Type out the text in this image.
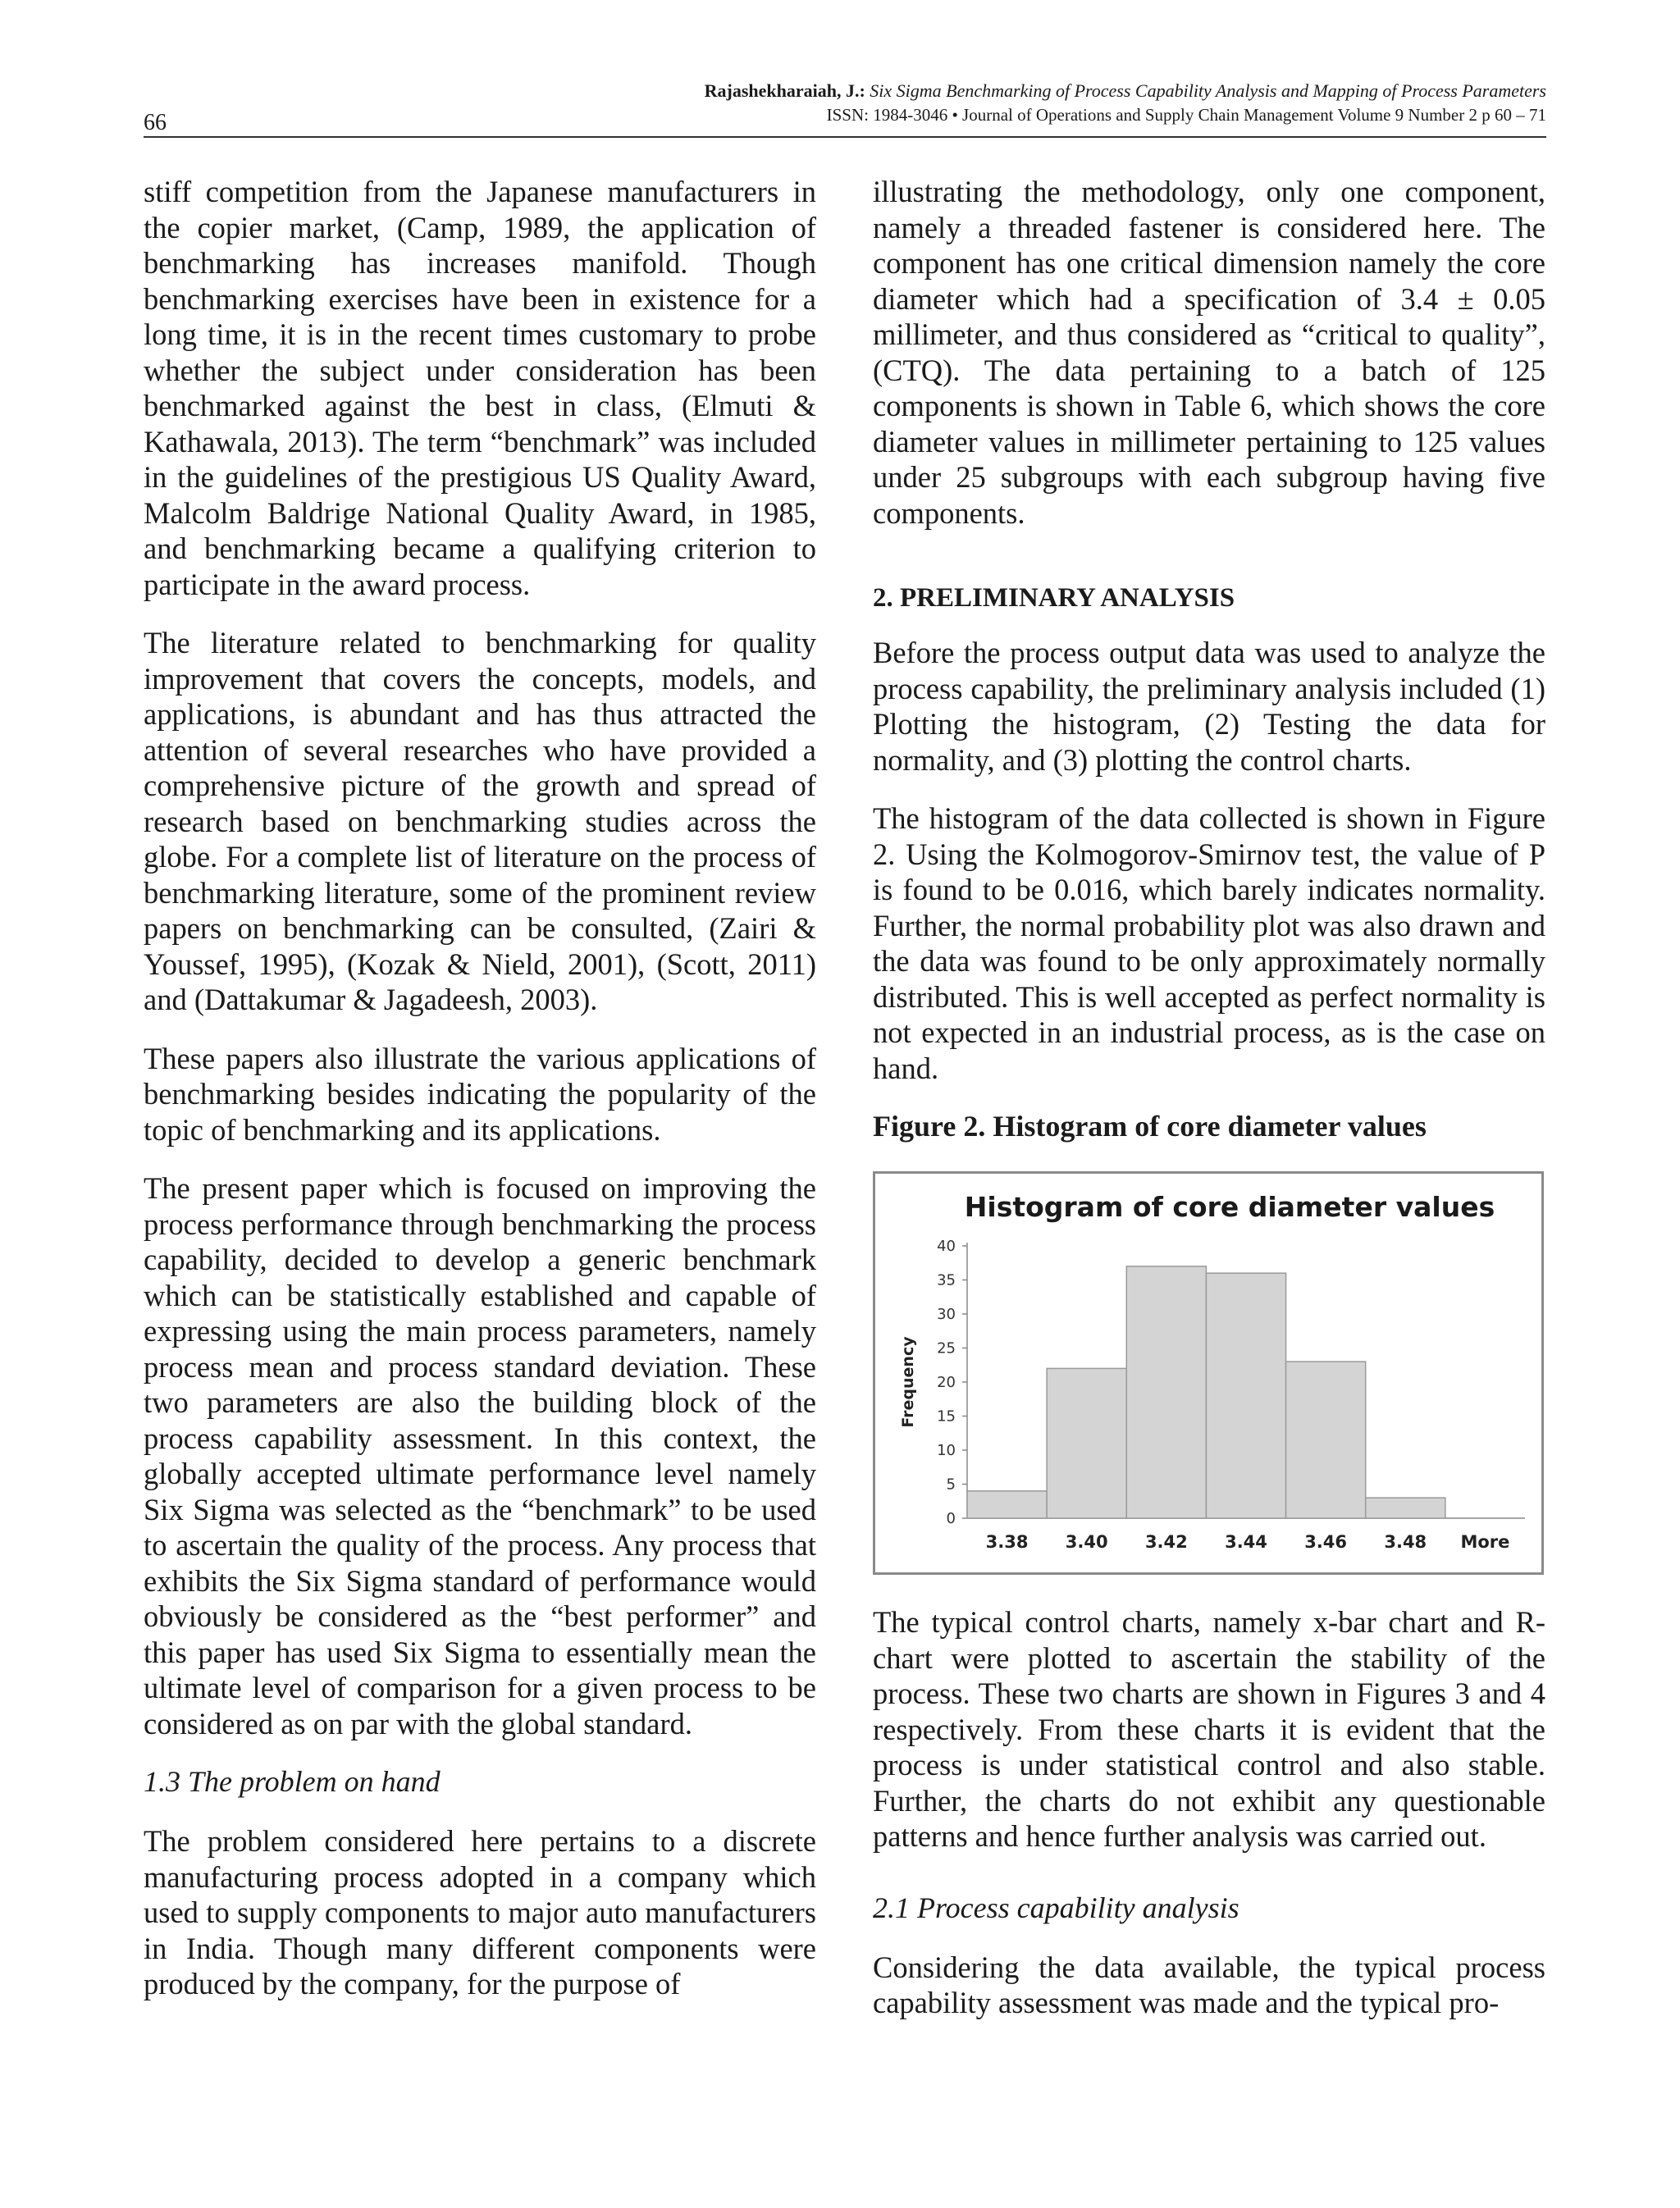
66
Rajashekharaiah, J.: Six Sigma Benchmarking of Process Capability Analysis and Mapping of Process Parameters
ISSN: 1984-3046 • Journal of Operations and Supply Chain Management Volume 9 Number 2 p 60 – 71

stiff competition from the Japanese manufacturers in the copier market, (Camp, 1989, the application of benchmarking has increases manifold. Though benchmarking exercises have been in existence for a long time, it is in the recent times customary to probe whether the subject under consideration has been benchmarked against the best in class, (Elmuti & Kathawala, 2013). The term “benchmark” was included in the guidelines of the prestigious US Quality Award, Malcolm Baldrige National Quality Award, in 1985, and benchmarking became a qualifying criterion to participate in the award process.

The literature related to benchmarking for quality improvement that covers the concepts, models, and applications, is abundant and has thus attracted the attention of several researches who have provided a comprehensive picture of the growth and spread of research based on benchmarking studies across the globe. For a complete list of literature on the process of benchmarking literature, some of the prominent review papers on benchmarking can be consulted, (Zairi & Youssef, 1995), (Kozak & Nield, 2001), (Scott, 2011) and (Dattakumar & Jagadeesh, 2003).

These papers also illustrate the various applications of benchmarking besides indicating the popularity of the topic of benchmarking and its applications.

The present paper which is focused on improving the process performance through benchmarking the process capability, decided to develop a generic benchmark which can be statistically established and capable of expressing using the main process parameters, namely process mean and process standard deviation. These two parameters are also the building block of the process capability assessment. In this context, the globally accepted ultimate performance level namely Six Sigma was selected as the “benchmark” to be used to ascertain the quality of the process. Any process that exhibits the Six Sigma standard of performance would obviously be considered as the “best performer” and this paper has used Six Sigma to essentially mean the ultimate level of comparison for a given process to be considered as on par with the global standard.

1.3 The problem on hand

The problem considered here pertains to a discrete manufacturing process adopted in a company which used to supply components to major auto manufacturers in India. Though many different components were produced by the company, for the purpose of

illustrating the methodology, only one component, namely a threaded fastener is considered here. The component has one critical dimension namely the core diameter which had a specification of 3.4 ± 0.05 millimeter, and thus considered as “critical to quality”, (CTQ). The data pertaining to a batch of 125 components is shown in Table 6, which shows the core diameter values in millimeter pertaining to 125 values under 25 subgroups with each subgroup having five components.

2. PRELIMINARY ANALYSIS

Before the process output data was used to analyze the process capability, the preliminary analysis included (1) Plotting the histogram, (2) Testing the data for normality, and (3) plotting the control charts.

The histogram of the data collected is shown in Figure 2. Using the Kolmogorov-Smirnov test, the value of P is found to be 0.016, which barely indicates normality. Further, the normal probability plot was also drawn and the data was found to be only approximately normally distributed. This is well accepted as perfect normality is not expected in an industrial process, as is the case on hand.

Figure 2. Histogram of core diameter values

Histogram of core diameter values
Frequency
0
5
10
15
20
25
30
35
40
3.38 3.40 3.42 3.44 3.46 3.48 More

The typical control charts, namely x-bar chart and R- chart were plotted to ascertain the stability of the process. These two charts are shown in Figures 3 and 4 respectively. From these charts it is evident that the process is under statistical control and also stable. Further, the charts do not exhibit any questionable patterns and hence further analysis was carried out.

2.1 Process capability analysis

Considering the data available, the typical process capability assessment was made and the typical pro-
